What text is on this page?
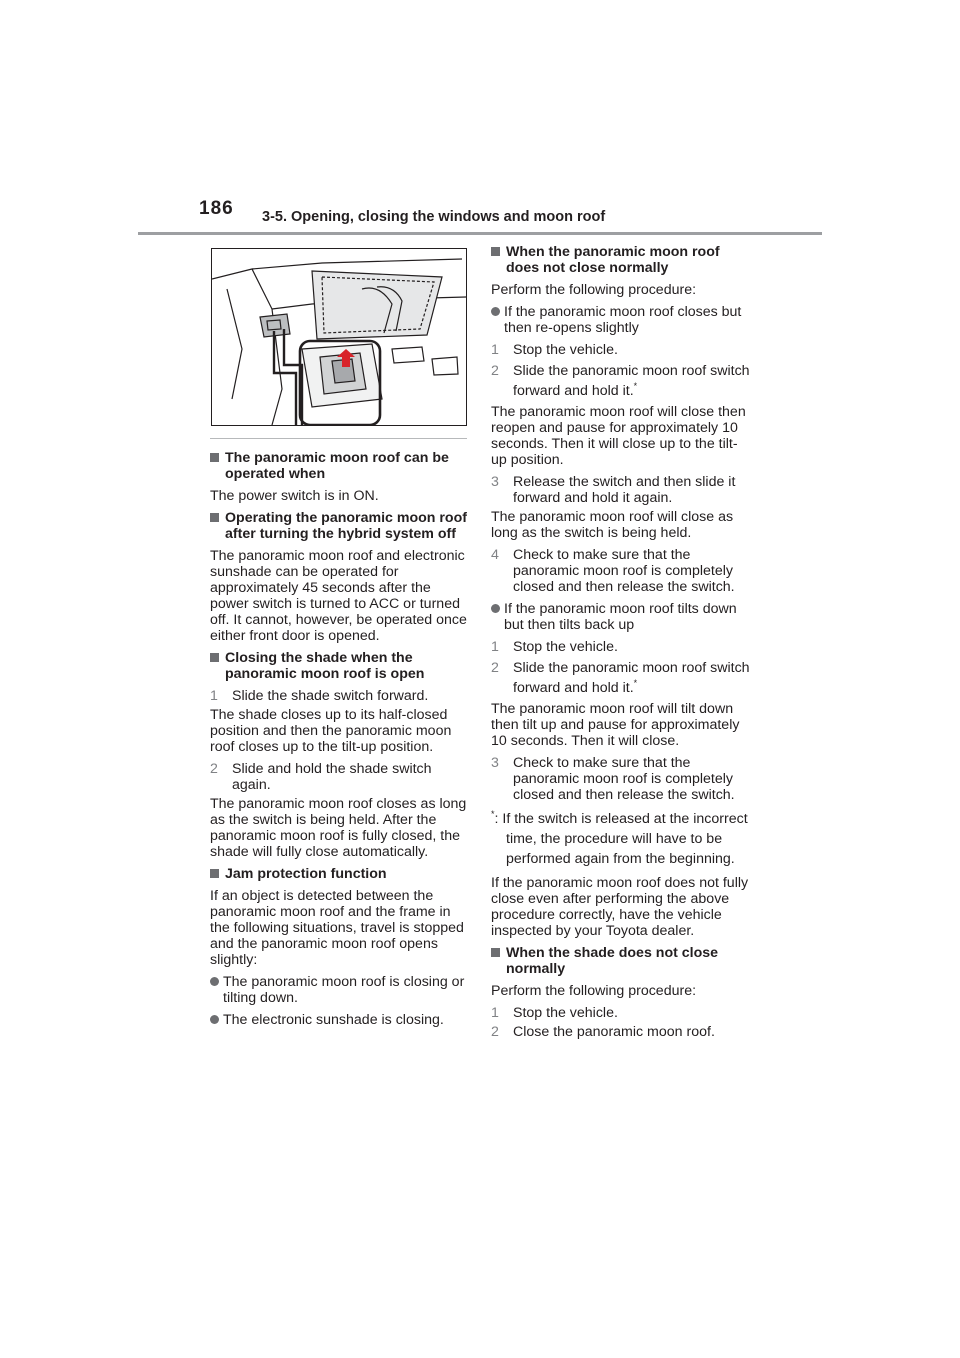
186 3-5. Opening, closing the windows and moon roof
The panoramic moon roof can be operated when
The power switch is in ON.
Operating the panoramic moon roof after turning the hybrid system off
The panoramic moon roof and electronic sunshade can be operated for approximately 45 seconds after the power switch is turned to ACC or turned off. It cannot, however, be operated once either front door is opened.
Closing the shade when the panoramic moon roof is open
1 Slide the shade switch forward.
The shade closes up to its half-closed position and then the panoramic moon roof closes up to the tilt-up position.
2 Slide and hold the shade switch again.
The panoramic moon roof closes as long as the switch is being held. After the panoramic moon roof is fully closed, the shade will fully close automatically.
Jam protection function
If an object is detected between the panoramic moon roof and the frame in the following situations, travel is stopped and the panoramic moon roof opens slightly:
The panoramic moon roof is closing or tilting down.
The electronic sunshade is closing.
When the panoramic moon roof does not close normally
Perform the following procedure:
If the panoramic moon roof closes but then re-opens slightly
1 Stop the vehicle.
2 Slide the panoramic moon roof switch forward and hold it.*
The panoramic moon roof will close then reopen and pause for approximately 10 seconds. Then it will close up to the tilt-up position.
3 Release the switch and then slide it forward and hold it again.
The panoramic moon roof will close as long as the switch is being held.
4 Check to make sure that the panoramic moon roof is completely closed and then release the switch.
If the panoramic moon roof tilts down but then tilts back up
1 Stop the vehicle.
2 Slide the panoramic moon roof switch forward and hold it.*
The panoramic moon roof will tilt down then tilt up and pause for approximately 10 seconds. Then it will close.
3 Check to make sure that the panoramic moon roof is completely closed and then release the switch.
*: If the switch is released at the incorrect time, the procedure will have to be performed again from the beginning.
If the panoramic moon roof does not fully close even after performing the above procedure correctly, have the vehicle inspected by your Toyota dealer.
When the shade does not close normally
Perform the following procedure:
1 Stop the vehicle.
2 Close the panoramic moon roof.
